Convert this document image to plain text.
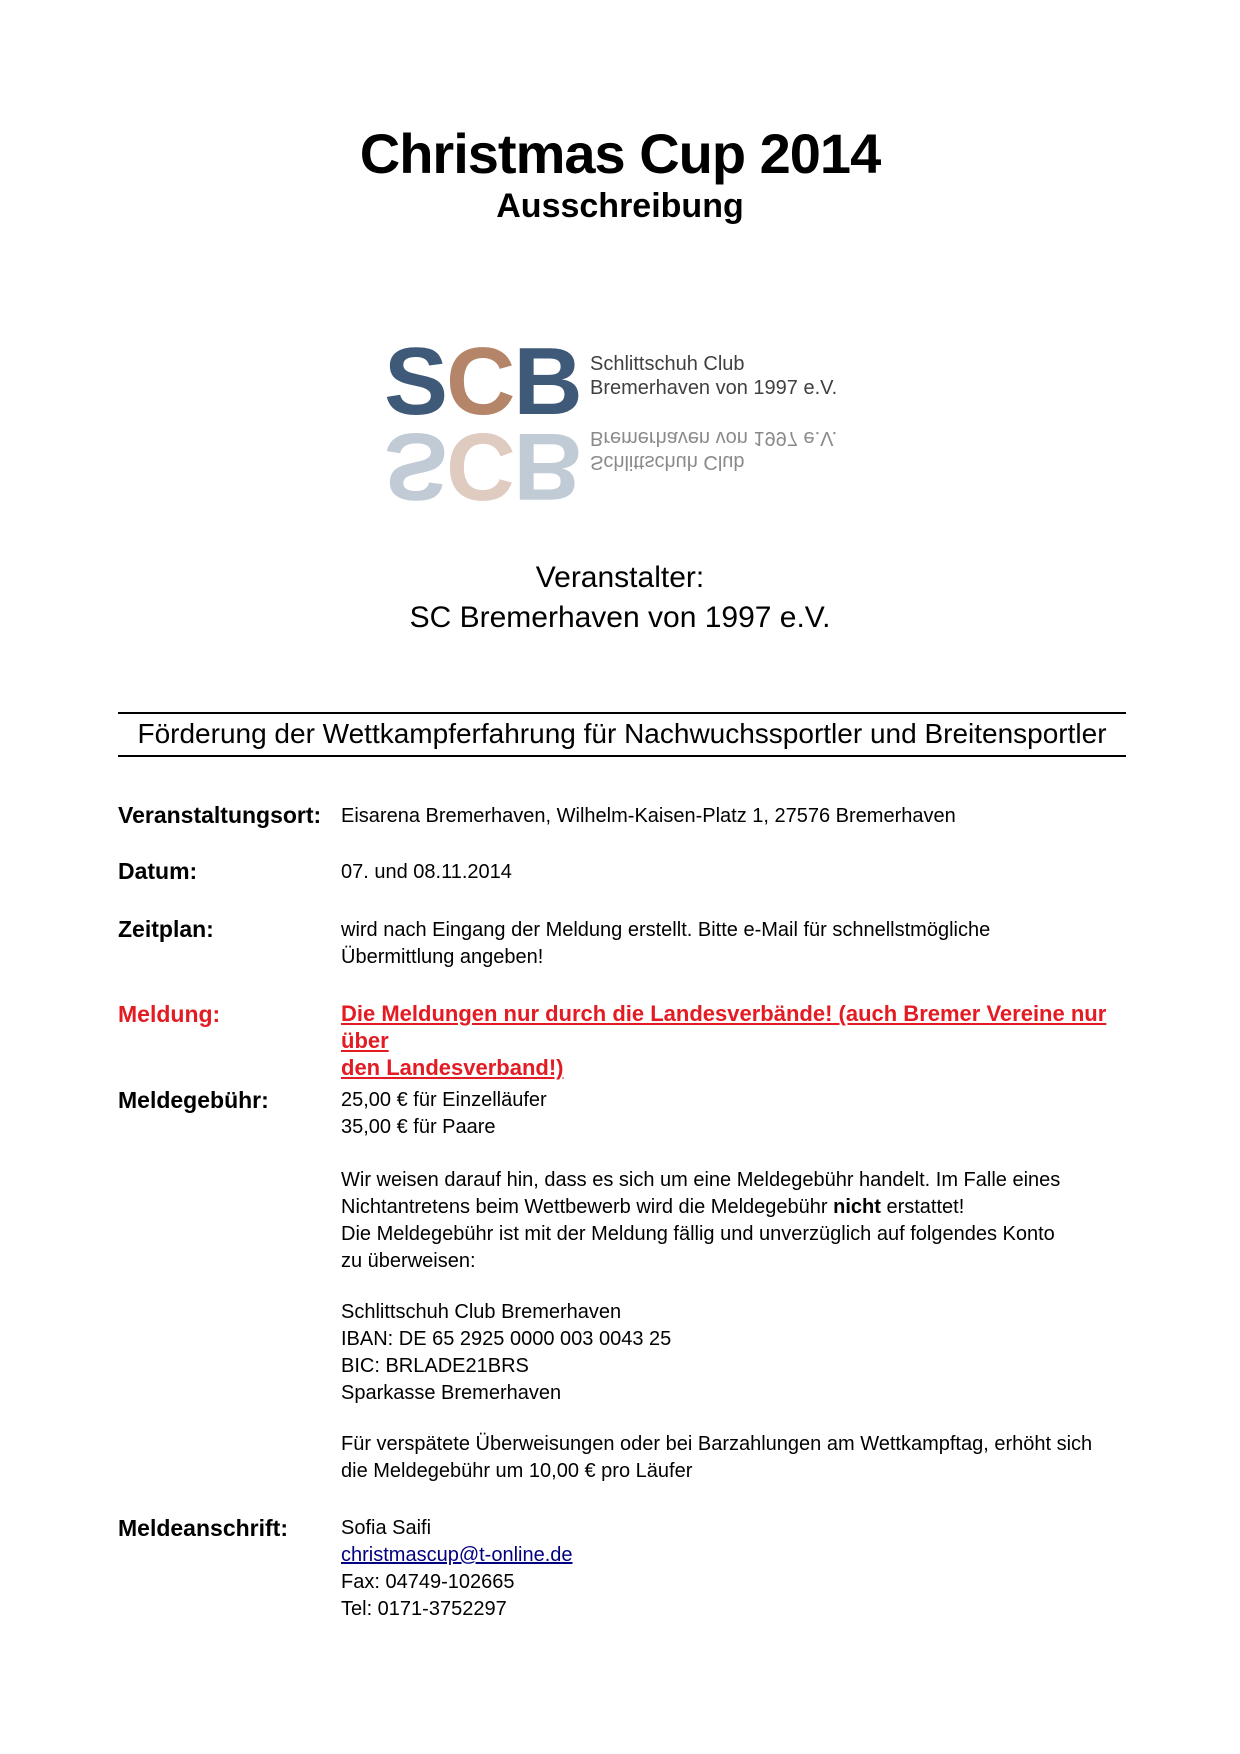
Christmas Cup 2014
Ausschreibung
SCB Schlittschuh Club
Bremerhaven von 1997 e.V.
SCB Schlittschuh Club
Bremerhaven von 1997 e.V.
Veranstalter:
SC Bremerhaven von 1997 e.V.
Förderung der Wettkampferfahrung für Nachwuchssportler und Breitensportler
Veranstaltungsort: Eisarena Bremerhaven, Wilhelm-Kaisen-Platz 1, 27576 Bremerhaven
Datum:	07. und 08.11.2014
Zeitplan:	wird nach Eingang der Meldung erstellt. Bitte e-Mail für schnellstmögliche
Übermittlung angeben!
Meldung:	Die Meldungen nur durch die Landesverbände! (auch Bremer Vereine nur über
den Landesverband!)
Meldegebühr:	25,00 € für Einzelläufer
35,00 € für Paare
Wir weisen darauf hin, dass es sich um eine Meldegebühr handelt. Im Falle eines
Nichtantretens beim Wettbewerb wird die Meldegebühr nicht erstattet!
Die Meldegebühr ist mit der Meldung fällig und unverzüglich auf folgendes Konto
zu überweisen:
Schlittschuh Club Bremerhaven
IBAN: DE 65 2925 0000 003 0043 25
BIC: BRLADE21BRS
Sparkasse Bremerhaven
Für verspätete Überweisungen oder bei Barzahlungen am Wettkampftag, erhöht sich
die Meldegebühr um 10,00 € pro Läufer
Meldeanschrift:	Sofia Saifi
christmascup@t-online.de
Fax: 04749-102665
Tel: 0171-3752297
